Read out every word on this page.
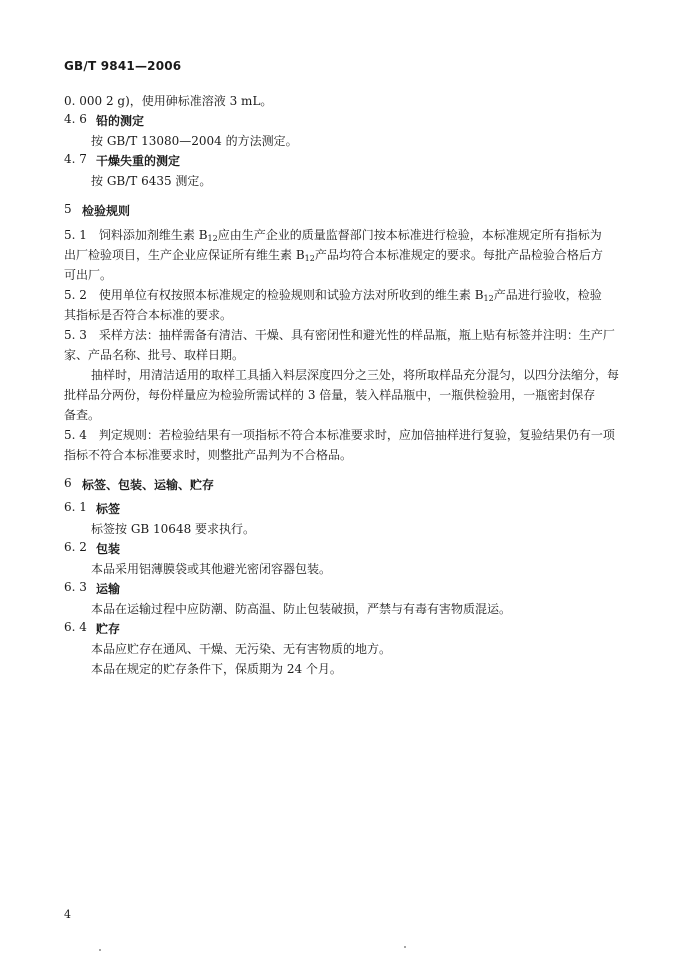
GB/T 9841—2006
0. 000 2 g)，使用砷标准溶液 3 mL。
4. 6 铅的测定
按 GB/T 13080—2004 的方法测定。
4. 7 干燥失重的测定
按 GB/T 6435 测定。
5 检验规则
5. 1　饲料添加剂维生素 $B_{12}$应由生产企业的质量监督部门按本标准进行检验，本标准规定所有指标为
出厂检验项目，生产企业应保证所有维生素 $B_{12}$产品均符合本标准规定的要求。每批产品检验合格后方
可出厂。
5. 2　使用单位有权按照本标准规定的检验规则和试验方法对所收到的维生素 $B_{12}$产品进行验收，检验
其指标是否符合本标准的要求。
5. 3　采样方法：抽样需备有清洁、干燥、具有密闭性和避光性的样品瓶，瓶上贴有标签并注明：生产厂
家、产品名称、批号、取样日期。
抽样时，用清洁适用的取样工具插入料层深度四分之三处，将所取样品充分混匀，以四分法缩分，每
批样品分两份，每份样量应为检验所需试样的 3 倍量，装入样品瓶中，一瓶供检验用，一瓶密封保存
备查。
5. 4　判定规则：若检验结果有一项指标不符合本标准要求时，应加倍抽样进行复验，复验结果仍有一项
指标不符合本标准要求时，则整批产品判为不合格品。
6 标签、包装、运输、贮存
6. 1 标签
标签按 GB 10648 要求执行。
6. 2 包装
本品采用铝薄膜袋或其他避光密闭容器包装。
6. 3 运输
本品在运输过程中应防潮、防高温、防止包装破损，严禁与有毒有害物质混运。
6. 4 贮存
本品应贮存在通风、干燥、无污染、无有害物质的地方。
本品在规定的贮存条件下，保质期为 24 个月。
4
